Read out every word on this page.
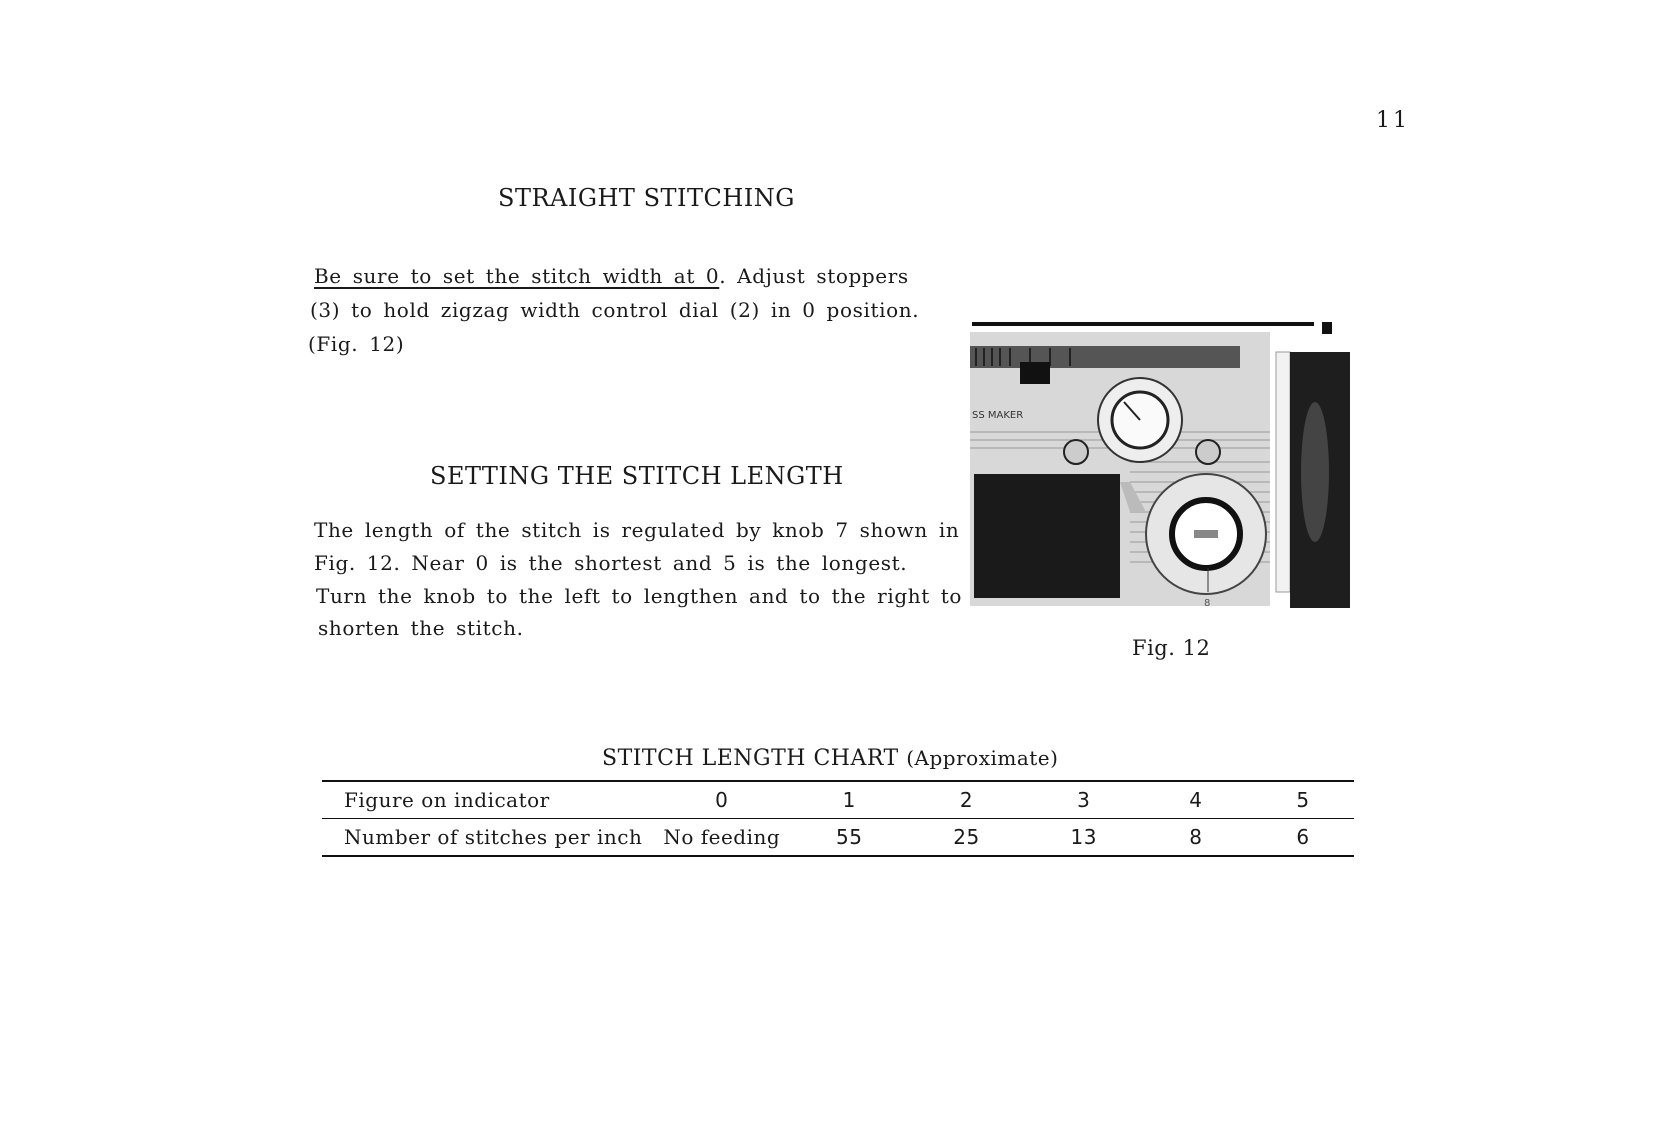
11
STRAIGHT STITCHING
Be sure to set the stitch width at 0. Adjust stoppers
(3) to hold zigzag width control dial (2) in 0 position.
(Fig. 12)
SETTING THE STITCH LENGTH
The length of the stitch is regulated by knob 7 shown in
Fig. 12. Near 0 is the shortest and 5 is the longest.
Turn the knob to the left to lengthen and to the right to
shorten the stitch.
SS MAKER
8
Fig. 12
STITCH LENGTH CHART (Approximate)
Figure on indicator	0	1	2	3	4	5
Number of stitches per inch	No feeding	55	25	13	8	6
